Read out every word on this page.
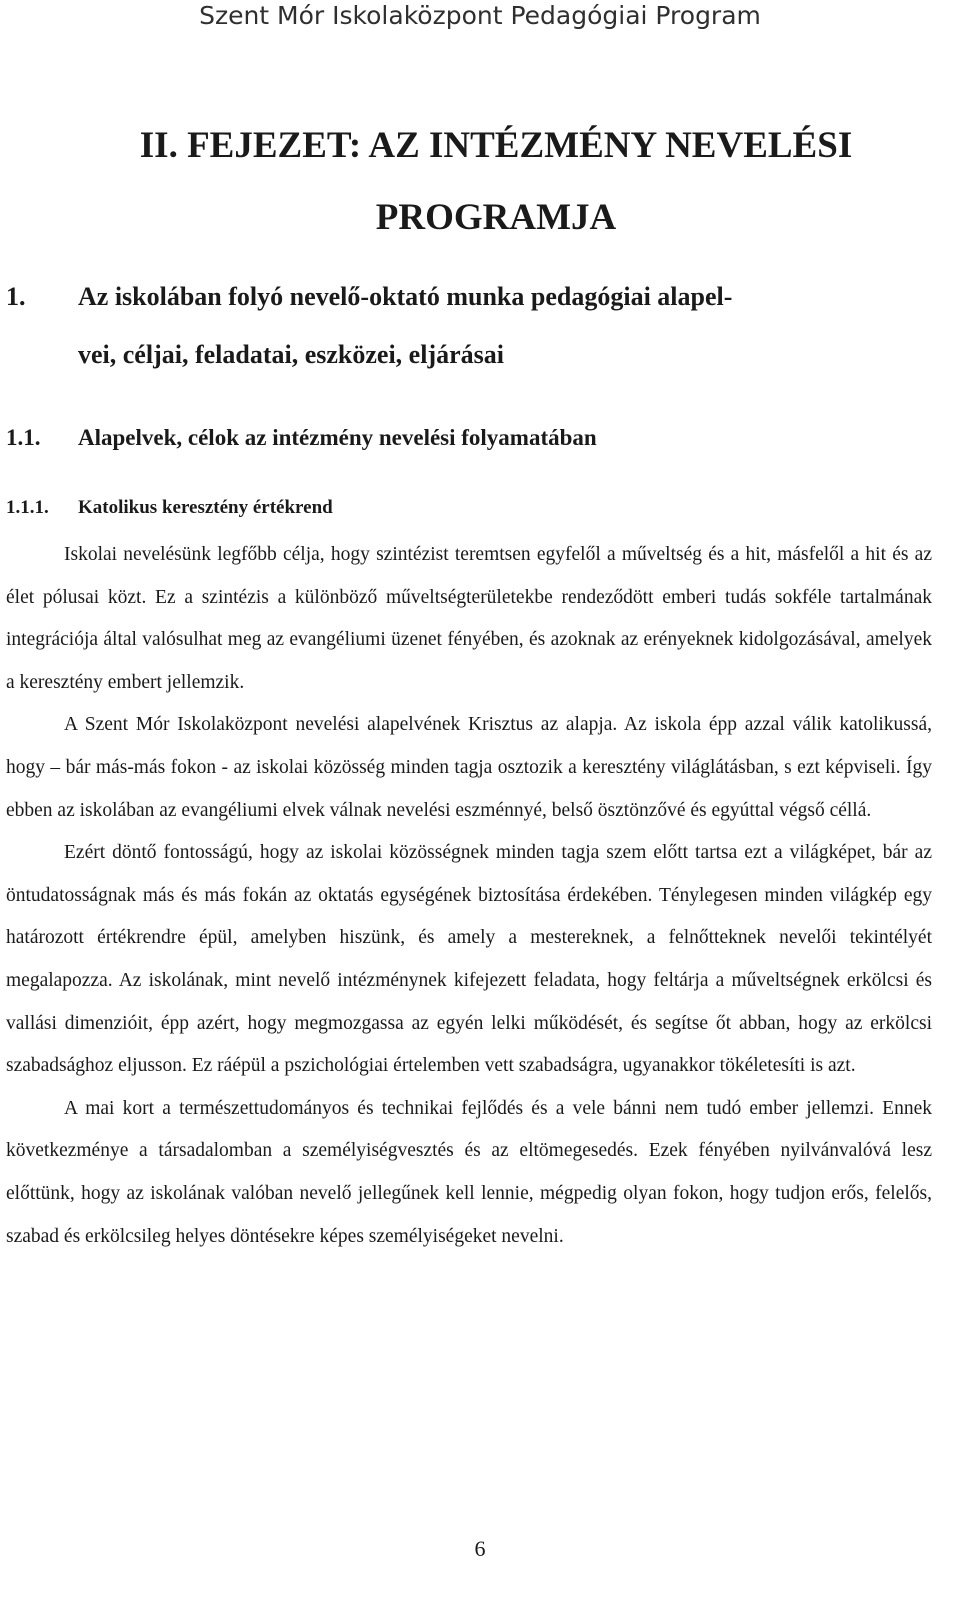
Szent Mór Iskolaközpont Pedagógiai Program
II. FEJEZET: AZ INTÉZMÉNY NEVELÉSI PROGRAMJA
1. Az iskolában folyó nevelő-oktató munka pedagógiai alapel-
vei, céljai, feladatai, eszközei, eljárásai
1.1. Alapelvek, célok az intézmény nevelési folyamatában
1.1.1. Katolikus keresztény értékrend

Iskolai nevelésünk legfőbb célja, hogy szintézist teremtsen egyfelől a műveltség és a hit, másfelől a hit és az élet pólusai közt. Ez a szintézis a különböző műveltségterületekbe rendeződött emberi tudás sokféle tartalmának integrációja által valósulhat meg az evangéliumi üzenet fényében, és azoknak az erényeknek kidolgozásával, amelyek a keresztény embert jellemzik.

A Szent Mór Iskolaközpont nevelési alapelvének Krisztus az alapja. Az iskola épp azzal válik katolikussá, hogy – bár más-más fokon - az iskolai közösség minden tagja osztozik a keresztény világlátásban, s ezt képviseli. Így ebben az iskolában az evangéliumi elvek válnak nevelési eszménnyé, belső ösztönzővé és egyúttal végső céllá.

Ezért döntő fontosságú, hogy az iskolai közösségnek minden tagja szem előtt tartsa ezt a világképet, bár az öntudatosságnak más és más fokán az oktatás egységének biztosítása érdekében. Ténylegesen minden világkép egy határozott értékrendre épül, amelyben hiszünk, és amely a mestereknek, a felnőtteknek nevelői tekintélyét megalapozza. Az iskolának, mint nevelő intézménynek kifejezett feladata, hogy feltárja a műveltségnek erkölcsi és vallási dimenzióit, épp azért, hogy megmozgassa az egyén lelki működését, és segítse őt abban, hogy az erkölcsi szabadsághoz eljusson. Ez ráépül a pszichológiai értelemben vett szabadságra, ugyanakkor tökéletesíti is azt.

A mai kort a természettudományos és technikai fejlődés és a vele bánni nem tudó ember jellemzi. Ennek következménye a társadalomban a személyiségvesztés és az eltömegesedés. Ezek fényében nyilvánvalóvá lesz előttünk, hogy az iskolának valóban nevelő jellegűnek kell lennie, mégpedig olyan fokon, hogy tudjon erős, felelős, szabad és erkölcsileg helyes döntésekre képes személyiségeket nevelni.

6
